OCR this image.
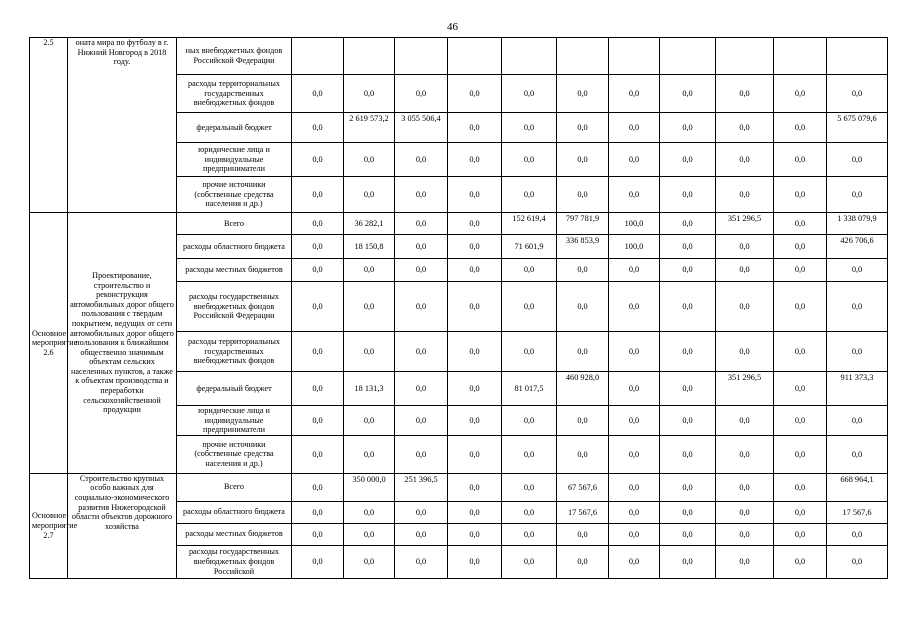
46
2.5	оната мира по футболу в г. Нижний Новгород в 2018 году.	ных внебюджетных фондов Российской Федерации											
		расходы территориальных государственных внебюджетных фондов	0,0	0,0	0,0	0,0	0,0	0,0	0,0	0,0	0,0	0,0	0,0
		федеральный бюджет	0,0	2 619 573,2	3 055 506,4	0,0	0,0	0,0	0,0	0,0	0,0	0,0	5 675 079,6
		юридические лица и индивидуальные предприниматели	0,0	0,0	0,0	0,0	0,0	0,0	0,0	0,0	0,0	0,0	0,0
		прочие источники (собственные средства населения и др.)	0,0	0,0	0,0	0,0	0,0	0,0	0,0	0,0	0,0	0,0	0,0
Основное мероприятие 2.6	Проектирование, строительство и реконструкция автомобильных дорог общего пользования с твердым покрытием, ведущих от сети автомобильных дорог общего пользования к ближайшим общественно значимым объектам сельских населенных пунктов, а также к объектам производства и переработки сельскохозяйственной продукции	Всего	0,0	36 282,1	0,0	0,0	152 619,4	797 781,9	100,0	0,0	351 296,5	0,0	1 338 079,9
		расходы областного бюджета	0,0	18 150,8	0,0	0,0	71 601,9	336 853,9	100,0	0,0	0,0	0,0	426 706,6
		расходы местных бюджетов	0,0	0,0	0,0	0,0	0,0	0,0	0,0	0,0	0,0	0,0	0,0
		расходы государственных внебюджетных фондов Российской Федерации	0,0	0,0	0,0	0,0	0,0	0,0	0,0	0,0	0,0	0,0	0,0
		расходы территориальных государственных внебюджетных фондов	0,0	0,0	0,0	0,0	0,0	0,0	0,0	0,0	0,0	0,0	0,0
		федеральный бюджет	0,0	18 131,3	0,0	0,0	81 017,5	460 928,0	0,0	0,0	351 296,5	0,0	911 373,3
		юридические лица и индивидуальные предприниматели	0,0	0,0	0,0	0,0	0,0	0,0	0,0	0,0	0,0	0,0	0,0
		прочие источники (собственные средства населения и др.)	0,0	0,0	0,0	0,0	0,0	0,0	0,0	0,0	0,0	0,0	0,0
Основное мероприятие 2.7	Строительство крупных особо важных для социально-экономического развития Нижегородской области объектов дорожного хозяйства	Всего	0,0	350 000,0	251 396,5	0,0	0,0	67 567,6	0,0	0,0	0,0	0,0	668 964,1
		расходы областного бюджета	0,0	0,0	0,0	0,0	0,0	17 567,6	0,0	0,0	0,0	0,0	17 567,6
		расходы местных бюджетов	0,0	0,0	0,0	0,0	0,0	0,0	0,0	0,0	0,0	0,0	0,0
		расходы государственных внебюджетных фондов Российской	0,0	0,0	0,0	0,0	0,0	0,0	0,0	0,0	0,0	0,0	0,0
